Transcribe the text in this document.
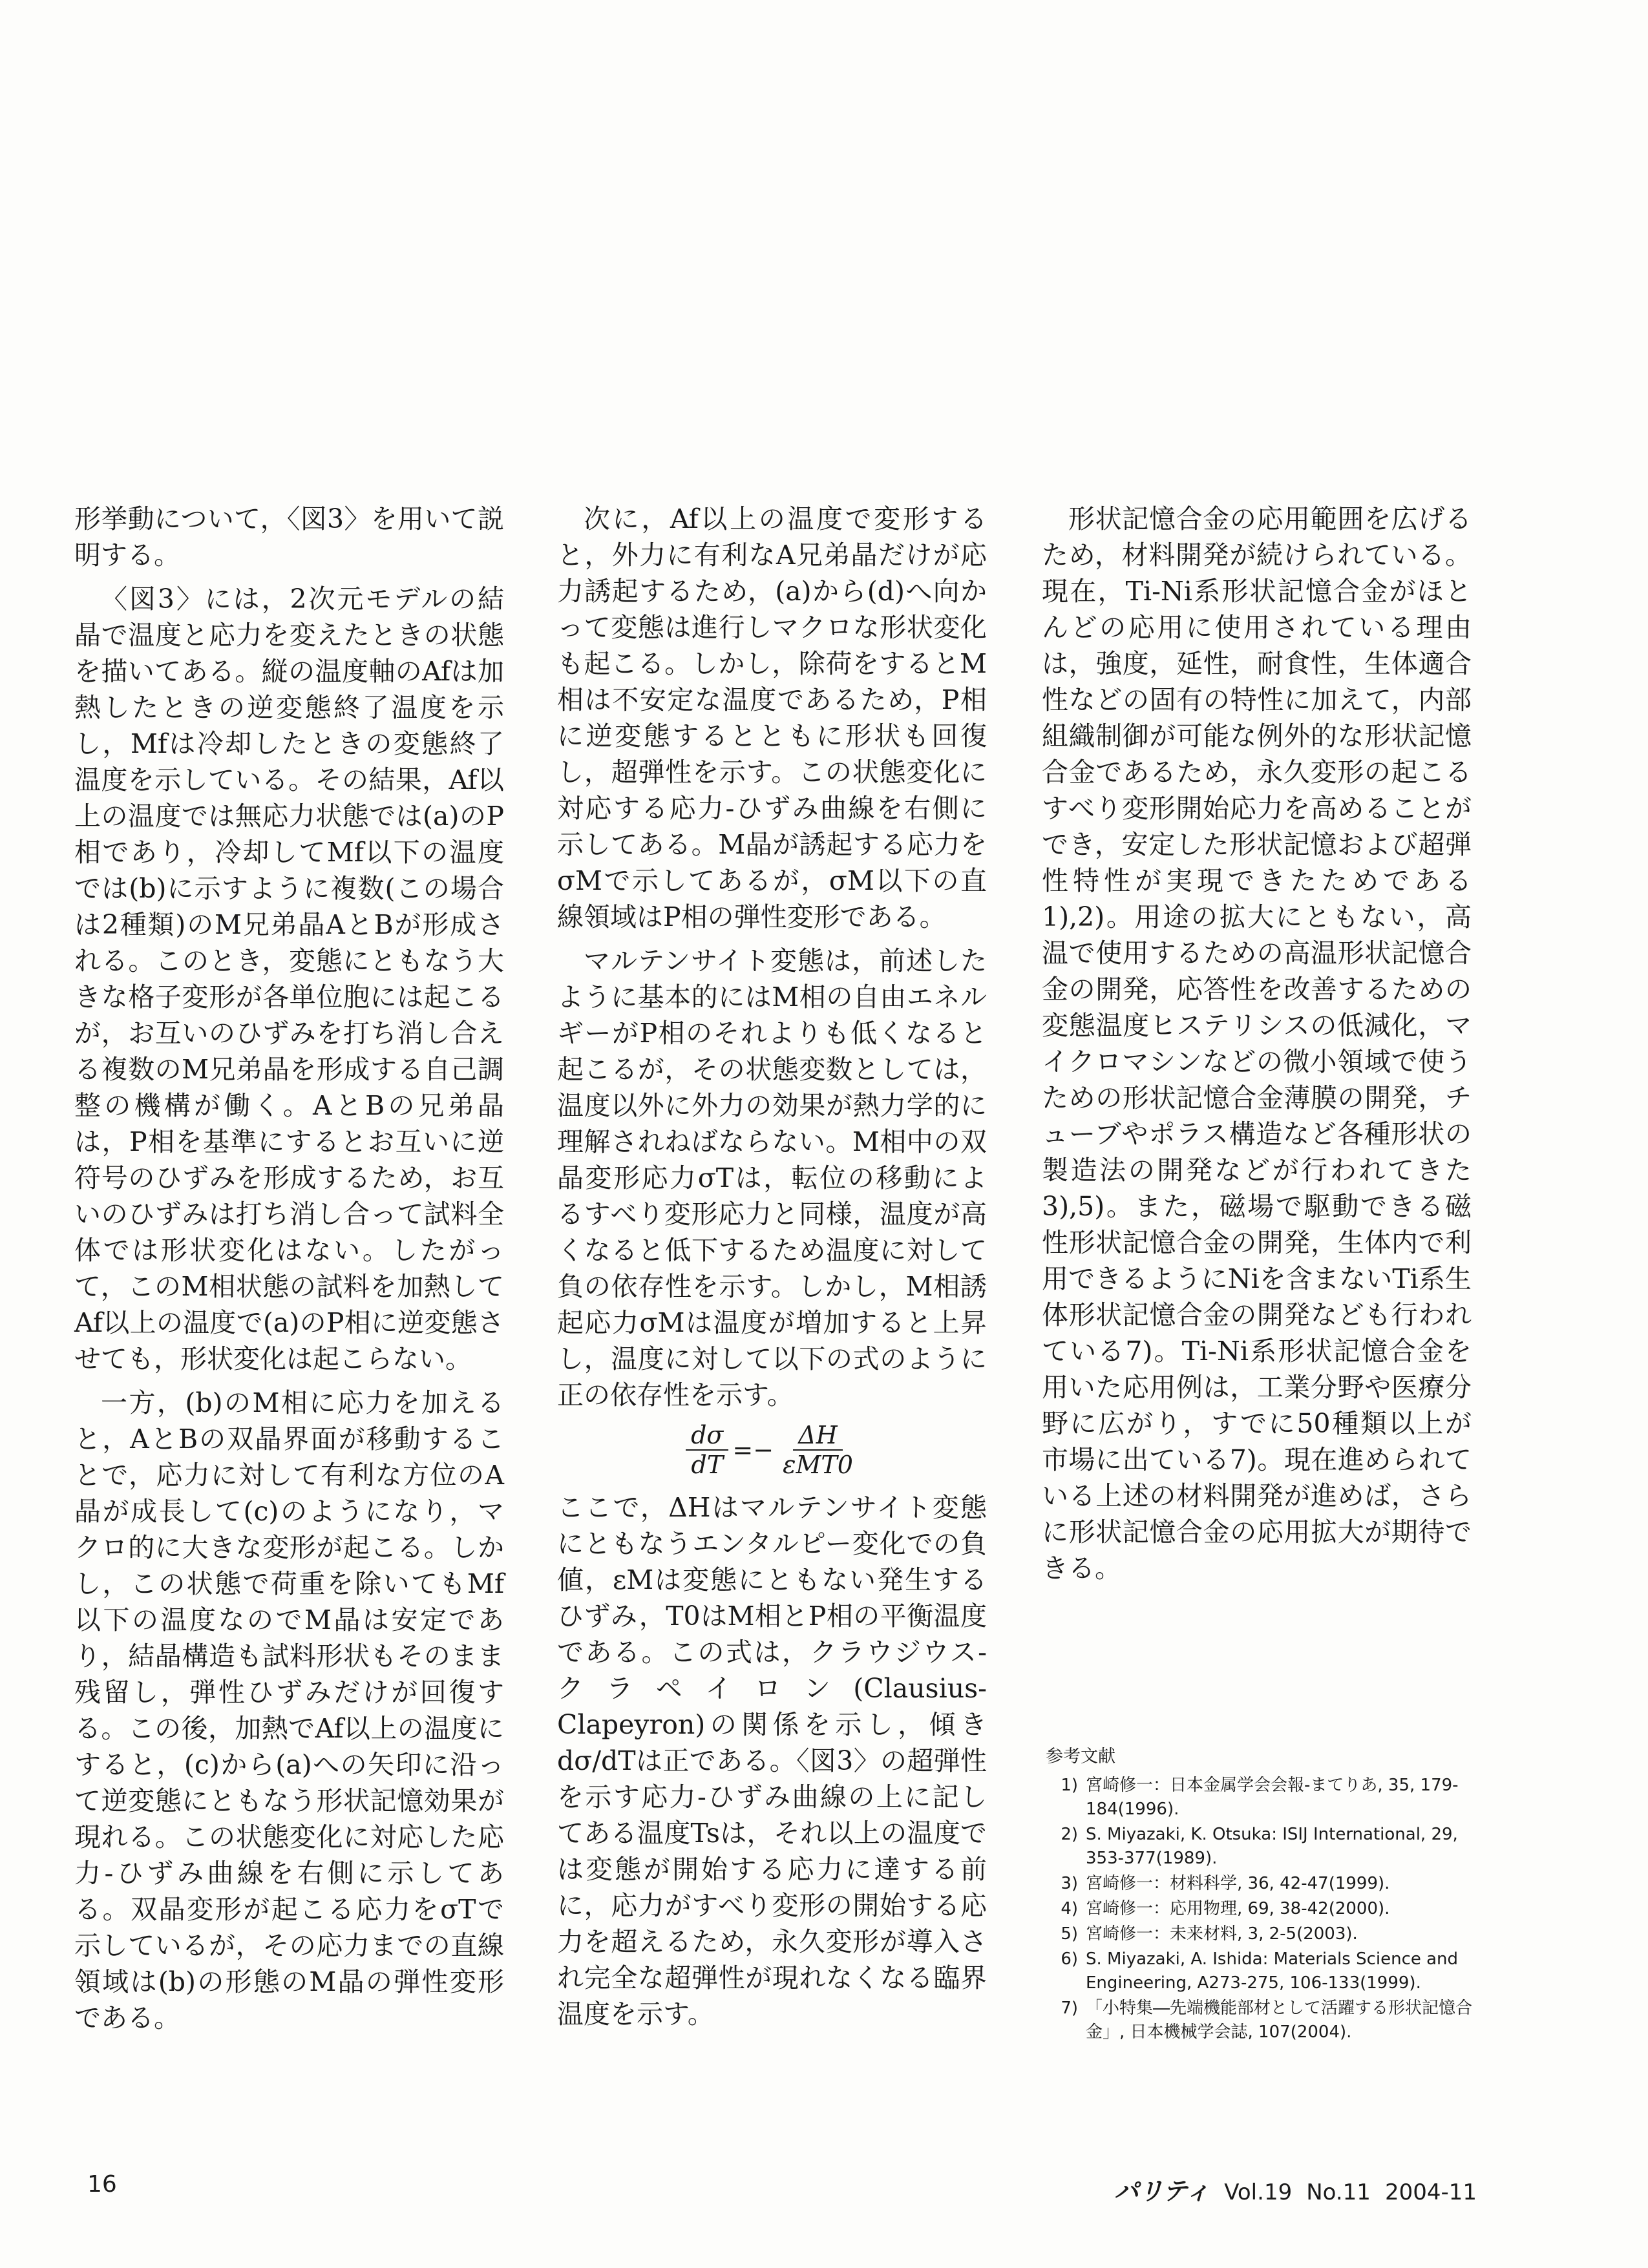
形挙動について，〈図3〉を用いて説明する。

〈図3〉には，2次元モデルの結晶で温度と応力を変えたときの状態を描いてある。縦の温度軸のAfは加熱したときの逆変態終了温度を示し，Mfは冷却したときの変態終了温度を示している。その結果，Af以上の温度では無応力状態では(a)のP相であり，冷却してMf以下の温度では(b)に示すように複数(この場合は2種類)のM兄弟晶AとBが形成される。このとき，変態にともなう大きな格子変形が各単位胞には起こるが，お互いのひずみを打ち消し合える複数のM兄弟晶を形成する自己調整の機構が働く。AとBの兄弟晶は，P相を基準にするとお互いに逆符号のひずみを形成するため，お互いのひずみは打ち消し合って試料全体では形状変化はない。したがって，このM相状態の試料を加熱してAf以上の温度で(a)のP相に逆変態させても，形状変化は起こらない。

一方，(b)のM相に応力を加えると，AとBの双晶界面が移動することで，応力に対して有利な方位のA晶が成長して(c)のようになり，マクロ的に大きな変形が起こる。しかし，この状態で荷重を除いてもMf以下の温度なのでM晶は安定であり，結晶構造も試料形状もそのまま残留し，弾性ひずみだけが回復する。この後，加熱でAf以上の温度にすると，(c)から(a)への矢印に沿って逆変態にともなう形状記憶効果が現れる。この状態変化に対応した応力-ひずみ曲線を右側に示してある。双晶変形が起こる応力をσTで示しているが，その応力までの直線領域は(b)の形態のM晶の弾性変形である。

次に，Af以上の温度で変形すると，外力に有利なA兄弟晶だけが応力誘起するため，(a)から(d)へ向かって変態は進行しマクロな形状変化も起こる。しかし，除荷をするとM相は不安定な温度であるため，P相に逆変態するとともに形状も回復し，超弾性を示す。この状態変化に対応する応力-ひずみ曲線を右側に示してある。M晶が誘起する応力をσMで示してあるが，σM以下の直線領域はP相の弾性変形である。

マルテンサイト変態は，前述したように基本的にはM相の自由エネルギーがP相のそれよりも低くなると起こるが，その状態変数としては，温度以外に外力の効果が熱力学的に理解されねばならない。M相中の双晶変形応力σTは，転位の移動によるすべり変形応力と同様，温度が高くなると低下するため温度に対して負の依存性を示す。しかし，M相誘起応力σMは温度が増加すると上昇し，温度に対して以下の式のように正の依存性を示す。

$\frac{d\sigma}{dT} =- \frac{\Delta H}{\text{εMT0}}$

ここで，ΔHはマルテンサイト変態にともなうエンタルピー変化での負値，εMは変態にともない発生するひずみ，T0はM相とP相の平衡温度である。この式は，クラウジウス-クラペイロン(Clausius-Clapeyron)の関係を示し，傾きdσ/dTは正である。〈図3〉の超弾性を示す応力-ひずみ曲線の上に記してある温度Tsは，それ以上の温度では変態が開始する応力に達する前に，応力がすべり変形の開始する応力を超えるため，永久変形が導入され完全な超弾性が現れなくなる臨界温度を示す。

形状記憶合金の応用範囲を広げるため，材料開発が続けられている。現在，Ti-Ni系形状記憶合金がほとんどの応用に使用されている理由は，強度，延性，耐食性，生体適合性などの固有の特性に加えて，内部組織制御が可能な例外的な形状記憶合金であるため，永久変形の起こるすべり変形開始応力を高めることができ，安定した形状記憶および超弾性特性が実現できたためである1),2)。用途の拡大にともない，高温で使用するための高温形状記憶合金の開発，応答性を改善するための変態温度ヒステリシスの低減化，マイクロマシンなどの微小領域で使うための形状記憶合金薄膜の開発，チューブやポラス構造など各種形状の製造法の開発などが行われてきた3),5)。また，磁場で駆動できる磁性形状記憶合金の開発，生体内で利用できるようにNiを含まないTi系生体形状記憶合金の開発なども行われている7)。Ti-Ni系形状記憶合金を用いた応用例は，工業分野や医療分野に広がり，すでに50種類以上が市場に出ている7)。現在進められている上述の材料開発が進めば，さらに形状記憶合金の応用拡大が期待できる。

参考文献
1) 宮崎修一：日本金属学会会報-まてりあ, 35, 179-184(1996).
2) S. Miyazaki, K. Otsuka: ISIJ International, 29, 353-377(1989).
3) 宮崎修一：材料科学, 36, 42-47(1999).
4) 宮崎修一：応用物理, 69, 38-42(2000).
5) 宮崎修一：未来材料, 3, 2-5(2003).
6) S. Miyazaki, A. Ishida: Materials Science and Engineering, A273-275, 106-133(1999).
7) 「小特集―先端機能部材として活躍する形状記憶合金」, 日本機械学会誌, 107(2004).
16	パリティ Vol.19 No.11 2004-11
